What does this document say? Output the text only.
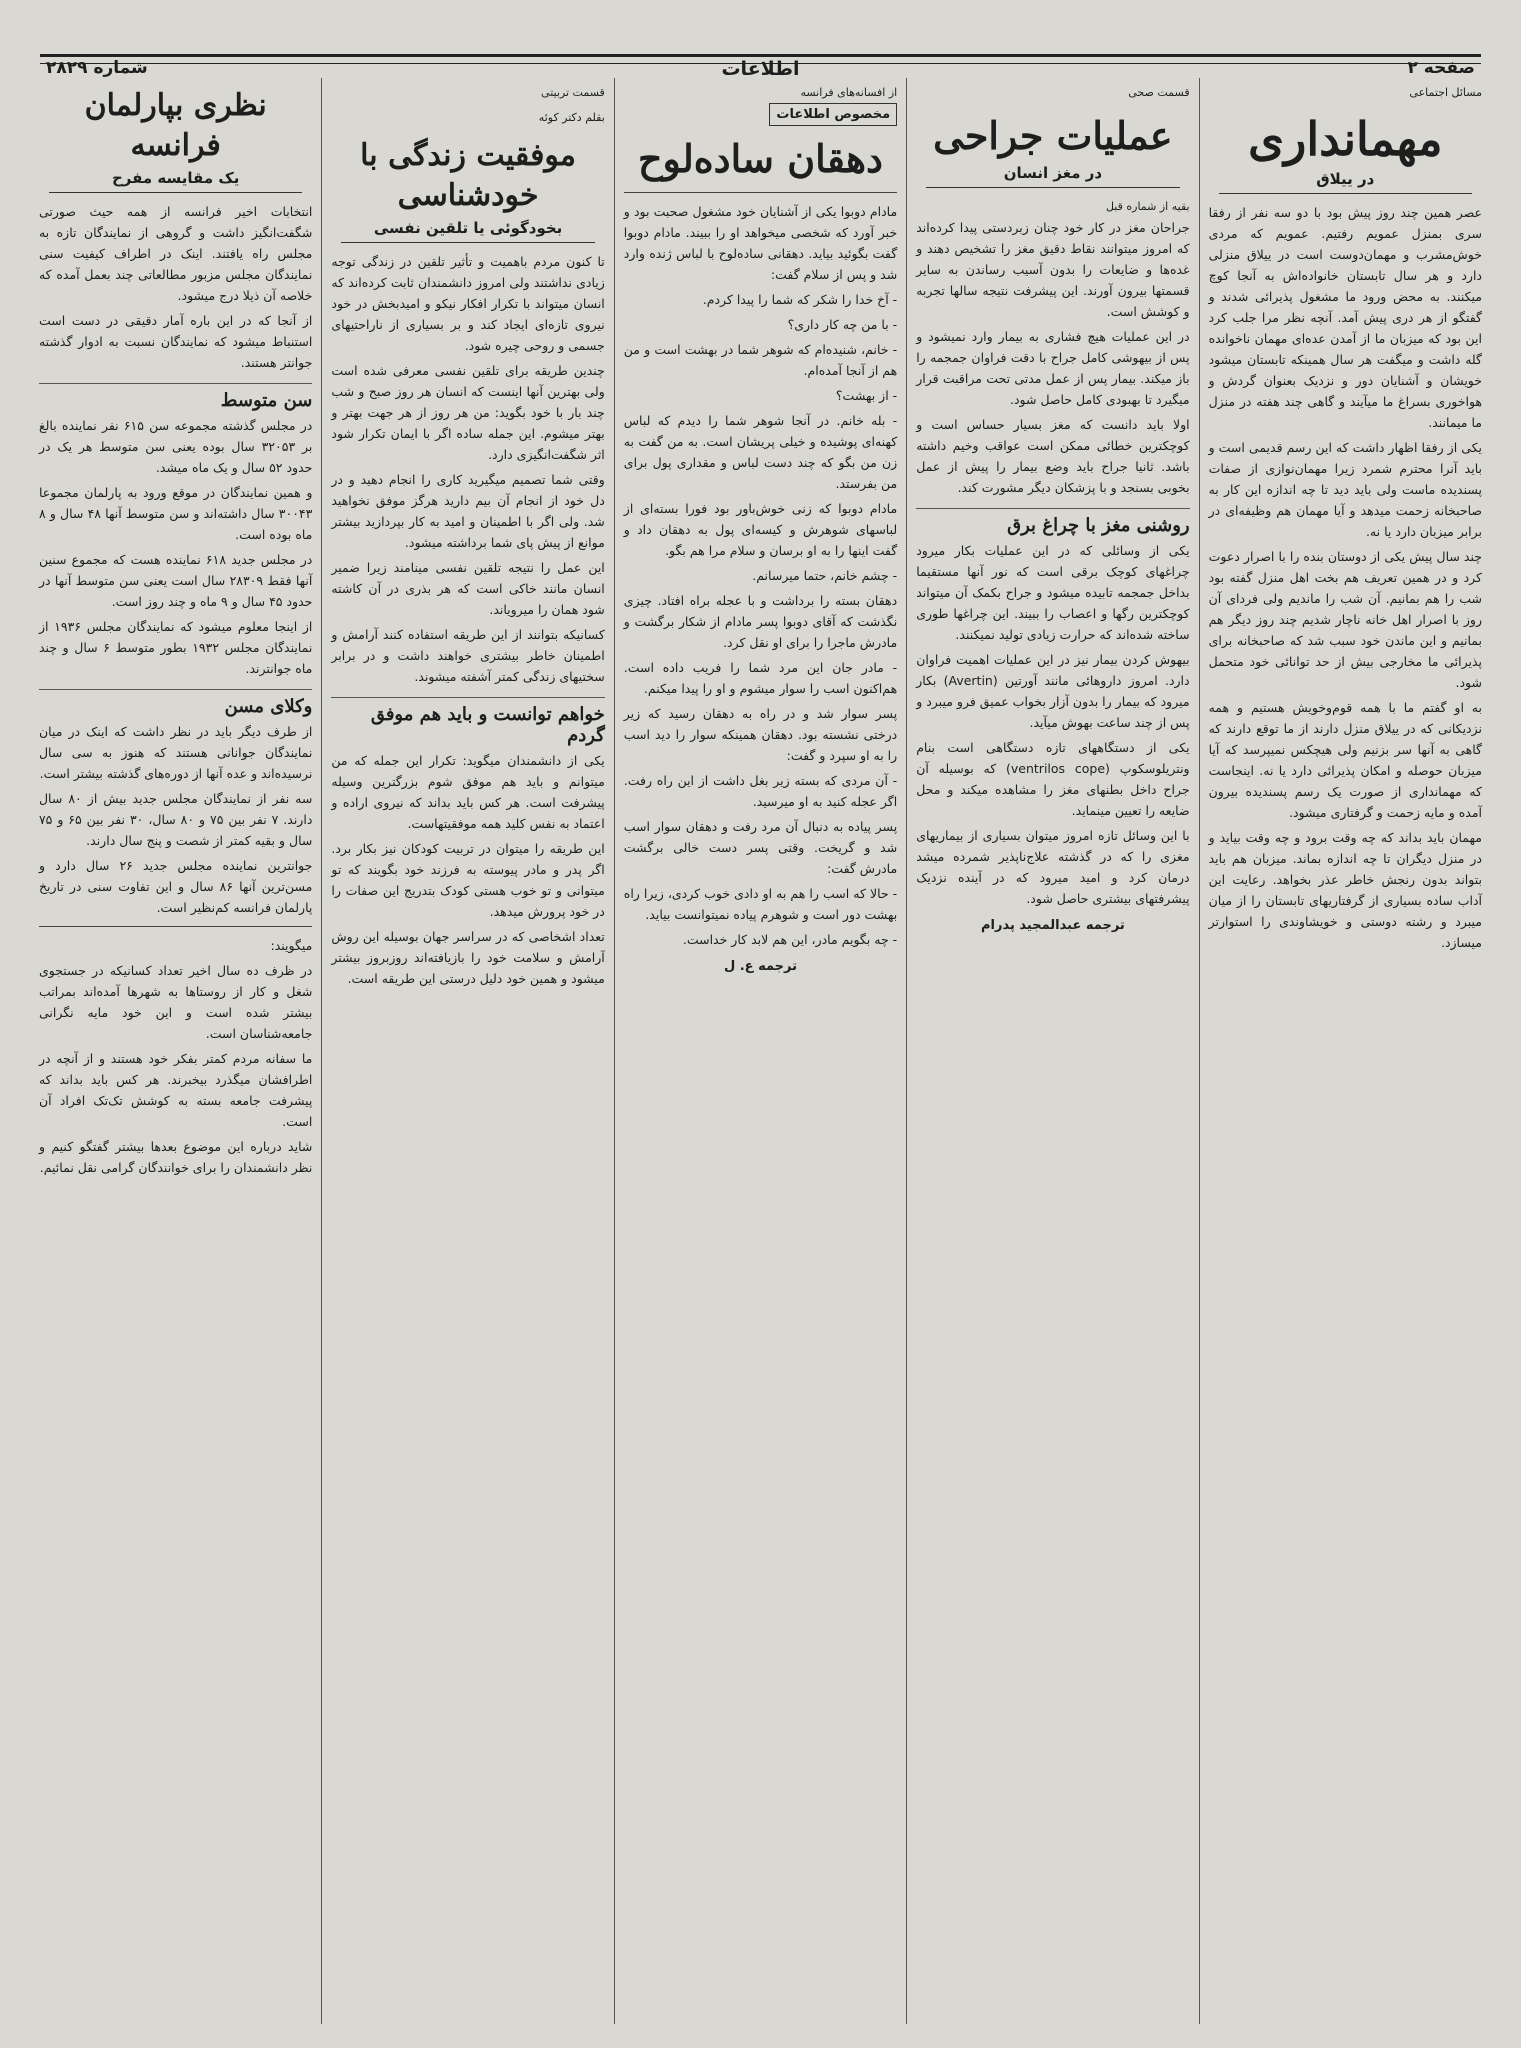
۲۸۲۹ شماره	اطلاعات	صفحه ۲
مسائل اجتماعی
مهمانداری
در ییلاق

عصر همین چند روز پیش بود با دو سه نفر از رفقا سری بمنزل عمویم رفتیم. عمویم که مردی خوش‌مشرب و مهمان‌دوست است در ییلاق منزلی دارد و هر سال تابستان خانواده‌اش به آنجا کوچ میکنند. به محض ورود ما مشغول پذیرائی شدند و گفتگو از هر دری پیش آمد. آنچه نظر مرا جلب کرد این بود که میزبان ما از آمدن عده‌ای مهمان ناخوانده گله داشت و میگفت هر سال همینکه تابستان میشود خویشان و آشنایان دور و نزدیک بعنوان گردش و هواخوری بسراغ ما میآیند و گاهی چند هفته در منزل ما میمانند.

یکی از رفقا اظهار داشت که این رسم قدیمی است و باید آنرا محترم شمرد زیرا مهمان‌نوازی از صفات پسندیده ماست ولی باید دید تا چه اندازه این کار به صاحبخانه زحمت میدهد و آیا مهمان هم وظیفه‌ای در برابر میزبان دارد یا نه.

چند سال پیش یکی از دوستان بنده را با اصرار دعوت کرد و در همین تعریف هم بخت اهل منزل گفته بود شب را هم بمانیم. آن شب را ماندیم ولی فردای آن روز با اصرار اهل خانه ناچار شدیم چند روز دیگر هم بمانیم و این ماندن خود سبب شد که صاحبخانه برای پذیرائی ما مخارجی بیش از حد توانائی خود متحمل شود.

به او گفتم ما با همه قوم‌وخویش هستیم و همه نزدیکانی که در ییلاق منزل دارند از ما توقع دارند که گاهی به آنها سر بزنیم ولی هیچکس نمیپرسد که آیا میزبان حوصله و امکان پذیرائی دارد یا نه. اینجاست که مهمانداری از صورت یک رسم پسندیده بیرون آمده و مایه زحمت و گرفتاری میشود.

مهمان باید بداند که چه وقت برود و چه وقت بیاید و در منزل دیگران تا چه اندازه بماند. میزبان هم باید بتواند بدون رنجش خاطر عذر بخواهد. رعایت این آداب ساده بسیاری از گرفتاریهای تابستان را از میان میبرد و رشته دوستی و خویشاوندی را استوارتر میسازد.

قسمت صحی
عملیات جراحی
در مغز انسان
بقیه از شماره قبل

جراحان مغز در کار خود چنان زبردستی پیدا کرده‌اند که امروز میتوانند نقاط دقیق مغز را تشخیص دهند و غده‌ها و ضایعات را بدون آسیب رساندن به سایر قسمتها بیرون آورند. این پیشرفت نتیجه سالها تجربه و کوشش است.

در این عملیات هیچ فشاری به بیمار وارد نمیشود و پس از بیهوشی کامل جراح با دقت فراوان جمجمه را باز میکند. بیمار پس از عمل مدتی تحت مراقبت قرار میگیرد تا بهبودی کامل حاصل شود.

اولا باید دانست که مغز بسیار حساس است و کوچکترین خطائی ممکن است عواقب وخیم داشته باشد. ثانیا جراح باید وضع بیمار را پیش از عمل بخوبی بسنجد و با پزشکان دیگر مشورت کند.

روشنی مغز با چراغ برق

یکی از وسائلی که در این عملیات بکار میرود چراغهای کوچک برقی است که نور آنها مستقیما بداخل جمجمه تابیده میشود و جراح بکمک آن میتواند کوچکترین رگها و اعصاب را ببیند. این چراغها طوری ساخته شده‌اند که حرارت زیادی تولید نمیکنند.

بیهوش کردن بیمار نیز در این عملیات اهمیت فراوان دارد. امروز داروهائی مانند آورتین (Avertin) بکار میرود که بیمار را بدون آزار بخواب عمیق فرو میبرد و پس از چند ساعت بهوش میآید.

یکی از دستگاههای تازه دستگاهی است بنام ونتریلوسکوپ (ventrilos cope) که بوسیله آن جراح داخل بطنهای مغز را مشاهده میکند و محل ضایعه را تعیین مینماید.

با این وسائل تازه امروز میتوان بسیاری از بیماریهای مغزی را که در گذشته علاج‌ناپذیر شمرده میشد درمان کرد و امید میرود که در آینده نزدیک پیشرفتهای بیشتری حاصل شود.

ترجمه عبدالمجید پدرام
از افسانه‌های فرانسه
مخصوص اطلاعات
دهقان ساده‌لوح

مادام دوبوا یکی از آشنایان خود مشغول صحبت بود و خبر آورد که شخصی میخواهد او را ببیند. مادام دوبوا گفت بگوئید بیاید. دهقانی ساده‌لوح با لباس ژنده وارد شد و پس از سلام گفت:

- آخ خدا را شکر که شما را پیدا کردم.

- با من چه کار داری؟

- خانم، شنیده‌ام که شوهر شما در بهشت است و من هم از آنجا آمده‌ام.

- از بهشت؟

- بله خانم. در آنجا شوهر شما را دیدم که لباس کهنه‌ای پوشیده و خیلی پریشان است. به من گفت به زن من بگو که چند دست لباس و مقداری پول برای من بفرستد.

مادام دوبوا که زنی خوش‌باور بود فورا بسته‌ای از لباسهای شوهرش و کیسه‌ای پول به دهقان داد و گفت اینها را به او برسان و سلام مرا هم بگو.

- چشم خانم، حتما میرسانم.

دهقان بسته را برداشت و با عجله براه افتاد. چیزی نگذشت که آقای دوبوا پسر مادام از شکار برگشت و مادرش ماجرا را برای او نقل کرد.

- مادر جان این مرد شما را فریب داده است. هم‌اکنون اسب را سوار میشوم و او را پیدا میکنم.

پسر سوار شد و در راه به دهقان رسید که زیر درختی نشسته بود. دهقان همینکه سوار را دید اسب را به او سپرد و گفت:

- آن مردی که بسته زیر بغل داشت از این راه رفت. اگر عجله کنید به او میرسید.

پسر پیاده به دنبال آن مرد رفت و دهقان سوار اسب شد و گریخت. وقتی پسر دست خالی برگشت مادرش گفت:

- حالا که اسب را هم به او دادی خوب کردی، زیرا راه بهشت دور است و شوهرم پیاده نمیتوانست بیاید.

- چه بگویم مادر، این هم لابد کار خداست.

ترجمه ع. ل
قسمت تربیتی
بقلم دکتر کوئه
موفقیت زندگی با خودشناسی
بخودگوئی یا تلقین نفسی

تا کنون مردم باهمیت و تأثیر تلقین در زندگی توجه زیادی نداشتند ولی امروز دانشمندان ثابت کرده‌اند که انسان میتواند با تکرار افکار نیکو و امیدبخش در خود نیروی تازه‌ای ایجاد کند و بر بسیاری از ناراحتیهای جسمی و روحی چیره شود.

چندین طریقه برای تلقین نفسی معرفی شده است ولی بهترین آنها اینست که انسان هر روز صبح و شب چند بار با خود بگوید: من هر روز از هر جهت بهتر و بهتر میشوم. این جمله ساده اگر با ایمان تکرار شود اثر شگفت‌انگیزی دارد.

وقتی شما تصمیم میگیرید کاری را انجام دهید و در دل خود از انجام آن بیم دارید هرگز موفق نخواهید شد. ولی اگر با اطمینان و امید به کار بپردازید بیشتر موانع از پیش پای شما برداشته میشود.

این عمل را نتیجه تلقین نفسی مینامند زیرا ضمیر انسان مانند خاکی است که هر بذری در آن کاشته شود همان را میرویاند.

کسانیکه بتوانند از این طریقه استفاده کنند آرامش و اطمینان خاطر بیشتری خواهند داشت و در برابر سختیهای زندگی کمتر آشفته میشوند.

خواهم توانست و باید هم موفق گردم

یکی از دانشمندان میگوید: تکرار این جمله که من میتوانم و باید هم موفق شوم بزرگترین وسیله پیشرفت است. هر کس باید بداند که نیروی اراده و اعتماد به نفس کلید همه موفقیتهاست.

این طریقه را میتوان در تربیت کودکان نیز بکار برد. اگر پدر و مادر پیوسته به فرزند خود بگویند که تو میتوانی و تو خوب هستی کودک بتدریج این صفات را در خود پرورش میدهد.

تعداد اشخاصی که در سراسر جهان بوسیله این روش آرامش و سلامت خود را بازیافته‌اند روزبروز بیشتر میشود و همین خود دلیل درستی این طریقه است.

نظری بپارلمان فرانسه
یک مقایسه مفرح

انتخابات اخیر فرانسه از همه حیث صورتی شگفت‌انگیز داشت و گروهی از نمایندگان تازه به مجلس راه یافتند. اینک در اطراف کیفیت سنی نمایندگان مجلس مزبور مطالعاتی چند بعمل آمده که خلاصه آن ذیلا درج میشود.

از آنجا که در این باره آمار دقیقی در دست است استنباط میشود که نمایندگان نسبت به ادوار گذشته جوانتر هستند.

سن متوسط

در مجلس گذشته مجموعه سن ۶۱۵ نفر نماینده بالغ بر ۳۲۰۵۳ سال بوده یعنی سن متوسط هر یک در حدود ۵۲ سال و یک ماه میشد.

و همین نمایندگان در موقع ورود به پارلمان مجموعا ۳۰۰۴۳ سال داشته‌اند و سن متوسط آنها ۴۸ سال و ۸ ماه بوده است.

در مجلس جدید ۶۱۸ نماینده هست که مجموع سنین آنها فقط ۲۸۳۰۹ سال است یعنی سن متوسط آنها در حدود ۴۵ سال و ۹ ماه و چند روز است.

از اینجا معلوم میشود که نمایندگان مجلس ۱۹۳۶ از نمایندگان مجلس ۱۹۳۲ بطور متوسط ۶ سال و چند ماه جوانترند.

وکلای مسن

از طرف دیگر باید در نظر داشت که اینک در میان نمایندگان جوانانی هستند که هنوز به سی سال نرسیده‌اند و عده آنها از دوره‌های گذشته بیشتر است.

سه نفر از نمایندگان مجلس جدید بیش از ۸۰ سال دارند. ۷ نفر بین ۷۵ و ۸۰ سال، ۳۰ نفر بین ۶۵ و ۷۵ سال و بقیه کمتر از شصت و پنج سال دارند.

جوانترین نماینده مجلس جدید ۲۶ سال دارد و مسن‌ترین آنها ۸۶ سال و این تفاوت سنی در تاریخ پارلمان فرانسه کم‌نظیر است.

میگویند:

در ظرف ده سال اخیر تعداد کسانیکه در جستجوی شغل و کار از روستاها به شهرها آمده‌اند بمراتب بیشتر شده است و این خود مایه نگرانی جامعه‌شناسان است.

ما سفانه مردم کمتر بفکر خود هستند و از آنچه در اطرافشان میگذرد بیخبرند. هر کس باید بداند که پیشرفت جامعه بسته به کوشش تک‌تک افراد آن است.

شاید درباره این موضوع بعدها بیشتر گفتگو کنیم و نظر دانشمندان را برای خوانندگان گرامی نقل نمائیم.
